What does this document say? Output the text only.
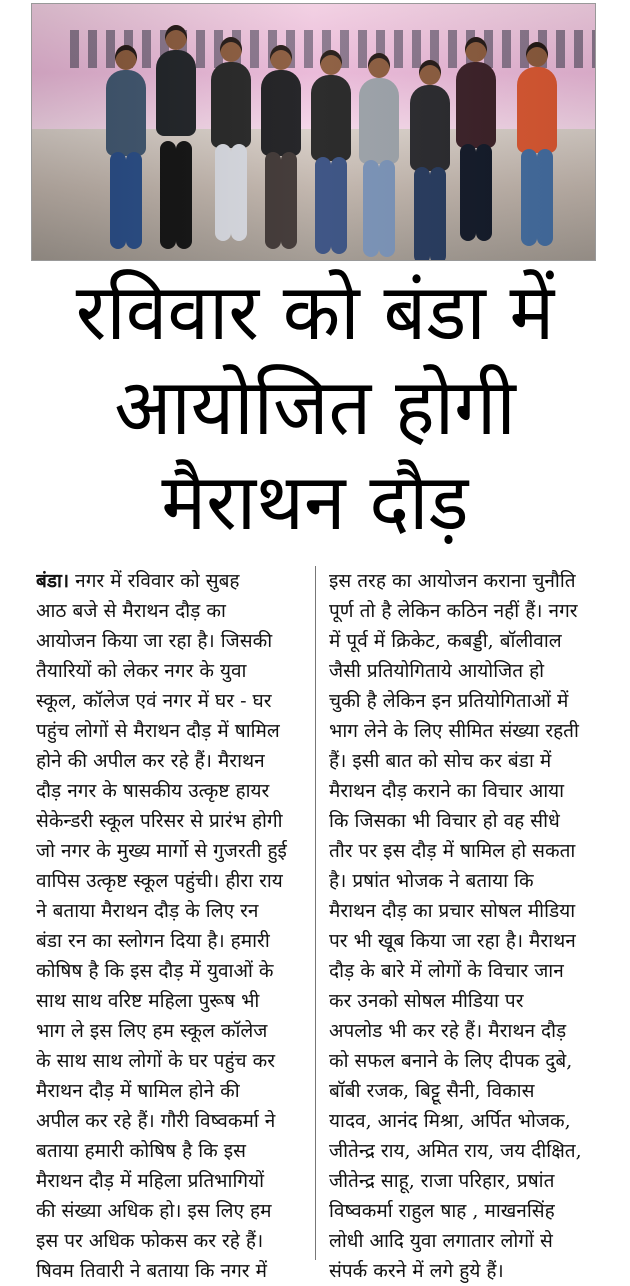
रविवार को बंडा में
आयोजित होगी
मैराथन दौड़
बंडा। नगर में रविवार को सुबह
आठ बजे से मैराथन दौड़ का
आयोजन किया जा रहा है। जिसकी
तैयारियों को लेकर नगर के युवा
स्कूल, कॉलेज एवं नगर में घर - घर
पहुंच लोगों से मैराथन दौड़ में षामिल
होने की अपील कर रहे हैं। मैराथन
दौड़ नगर के षासकीय उत्कृष्ट हायर
सेकेन्डरी स्कूल परिसर से प्रारंभ होगी
जो नगर के मुख्य मार्गो से गुजरती हुई
वापिस उत्कृष्ट स्कूल पहुंची। हीरा राय
ने बताया मैराथन दौड़ के लिए रन
बंडा रन का स्लोगन दिया है। हमारी
कोषिष है कि इस दौड़ में युवाओं के
साथ साथ वरिष्ट महिला पुरूष भी
भाग ले इस लिए हम स्कूल कॉलेज
के साथ साथ लोगों के घर पहुंच कर
मैराथन दौड़ में षामिल होने की
अपील कर रहे हैं। गौरी विष्वकर्मा ने
बताया हमारी कोषिष है कि इस
मैराथन दौड़ में महिला प्रतिभागियों
की संख्या अधिक हो। इस लिए हम
इस पर अधिक फोकस कर रहे हैं।
षिवम तिवारी ने बताया कि नगर में
इस तरह का आयोजन कराना चुनौति
पूर्ण तो है लेकिन कठिन नहीं हैं। नगर
में पूर्व में क्रिकेट, कबड्डी, बॉलीवाल
जैसी प्रतियोगिताये आयोजित हो
चुकी है लेकिन इन प्रतियोगिताओं में
भाग लेने के लिए सीमित संख्या रहती
हैं। इसी बात को सोच कर बंडा में
मैराथन दौड़ कराने का विचार आया
कि जिसका भी विचार हो वह सीधे
तौर पर इस दौड़ में षामिल हो सकता
है। प्रषांत भोजक ने बताया कि
मैराथन दौड़ का प्रचार सोषल मीडिया
पर भी खूब किया जा रहा है। मैराथन
दौड़ के बारे में लोगों के विचार जान
कर उनको सोषल मीडिया पर
अपलोड भी कर रहे हैं। मैराथन दौड़
को सफल बनाने के लिए दीपक दुबे,
बॉबी रजक, बिट्टू सैनी, विकास
यादव, आनंद मिश्रा, अर्पित भोजक,
जीतेन्द्र राय, अमित राय, जय दीक्षित,
जीतेन्द्र साहू, राजा परिहार, प्रषांत
विष्वकर्मा राहुल षाह , माखनसिंह
लोधी आदि युवा लगातार लोगों से
संपर्क करने में लगे हुये हैं।
